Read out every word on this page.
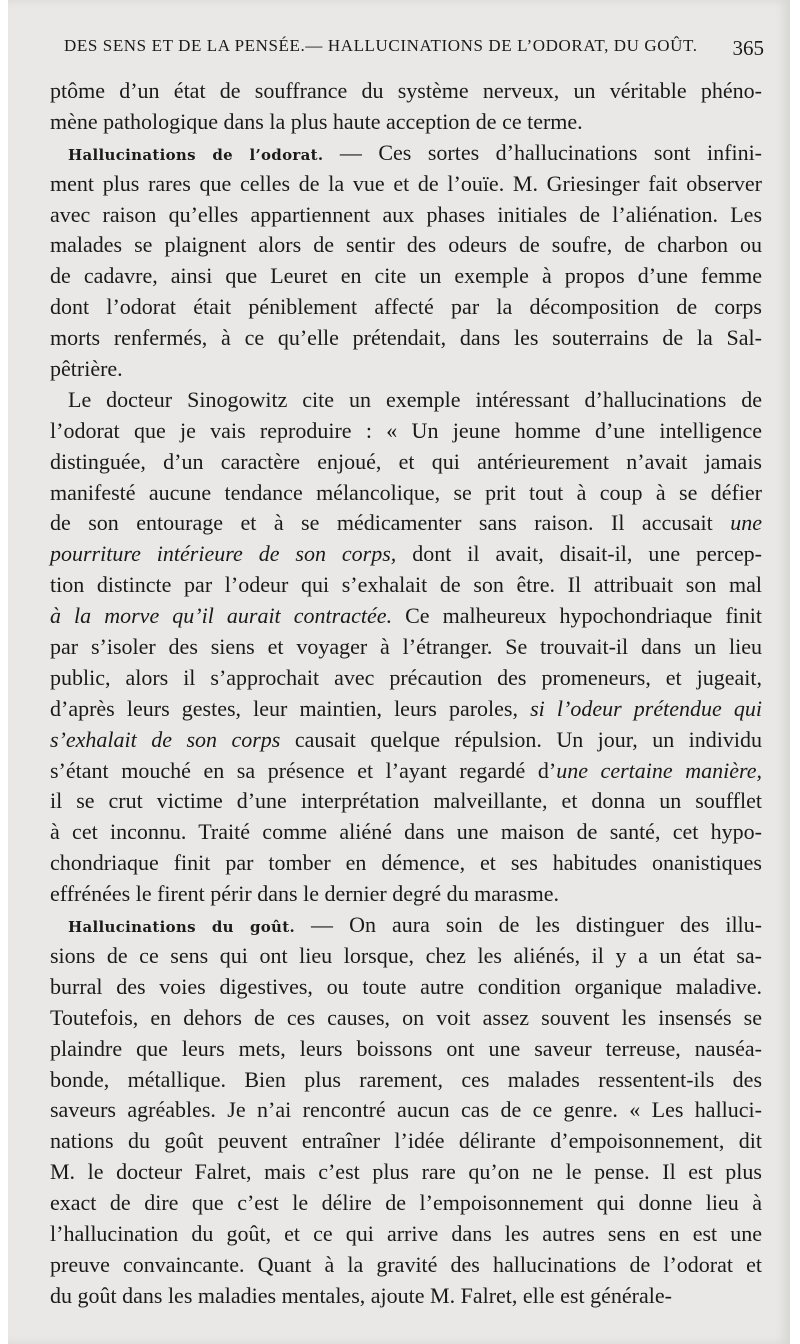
DES SENS ET DE LA PENSÉE.— HALLUCINATIONS DE L’ODORAT, DU GOÛT. 365
ptôme d’un état de souffrance du système nerveux, un véritable phéno-
mène pathologique dans la plus haute acception de ce terme.
Hallucinations de l’odorat. — Ces sortes d’hallucinations sont infini-
ment plus rares que celles de la vue et de l’ouïe. M. Griesinger fait observer
avec raison qu’elles appartiennent aux phases initiales de l’aliénation. Les
malades se plaignent alors de sentir des odeurs de soufre, de charbon ou
de cadavre, ainsi que Leuret en cite un exemple à propos d’une femme
dont l’odorat était péniblement affecté par la décomposition de corps
morts renfermés, à ce qu’elle prétendait, dans les souterrains de la Sal-
pêtrière.
Le docteur Sinogowitz cite un exemple intéressant d’hallucinations de
l’odorat que je vais reproduire : « Un jeune homme d’une intelligence
distinguée, d’un caractère enjoué, et qui antérieurement n’avait jamais
manifesté aucune tendance mélancolique, se prit tout à coup à se défier
de son entourage et à se médicamenter sans raison. Il accusait une
pourriture intérieure de son corps, dont il avait, disait-il, une percep-
tion distincte par l’odeur qui s’exhalait de son être. Il attribuait son mal
à la morve qu’il aurait contractée. Ce malheureux hypochondriaque finit
par s’isoler des siens et voyager à l’étranger. Se trouvait-il dans un lieu
public, alors il s’approchait avec précaution des promeneurs, et jugeait,
d’après leurs gestes, leur maintien, leurs paroles, si l’odeur prétendue qui
s’exhalait de son corps causait quelque répulsion. Un jour, un individu
s’étant mouché en sa présence et l’ayant regardé d’une certaine manière,
il se crut victime d’une interprétation malveillante, et donna un soufflet
à cet inconnu. Traité comme aliéné dans une maison de santé, cet hypo-
chondriaque finit par tomber en démence, et ses habitudes onanistiques
effrénées le firent périr dans le dernier degré du marasme.
Hallucinations du goût. — On aura soin de les distinguer des illu-
sions de ce sens qui ont lieu lorsque, chez les aliénés, il y a un état sa-
burral des voies digestives, ou toute autre condition organique maladive.
Toutefois, en dehors de ces causes, on voit assez souvent les insensés se
plaindre que leurs mets, leurs boissons ont une saveur terreuse, nauséa-
bonde, métallique. Bien plus rarement, ces malades ressentent-ils des
saveurs agréables. Je n’ai rencontré aucun cas de ce genre. « Les halluci-
nations du goût peuvent entraîner l’idée délirante d’empoisonnement, dit
M. le docteur Falret, mais c’est plus rare qu’on ne le pense. Il est plus
exact de dire que c’est le délire de l’empoisonnement qui donne lieu à
l’hallucination du goût, et ce qui arrive dans les autres sens en est une
preuve convaincante. Quant à la gravité des hallucinations de l’odorat et
du goût dans les maladies mentales, ajoute M. Falret, elle est générale-
